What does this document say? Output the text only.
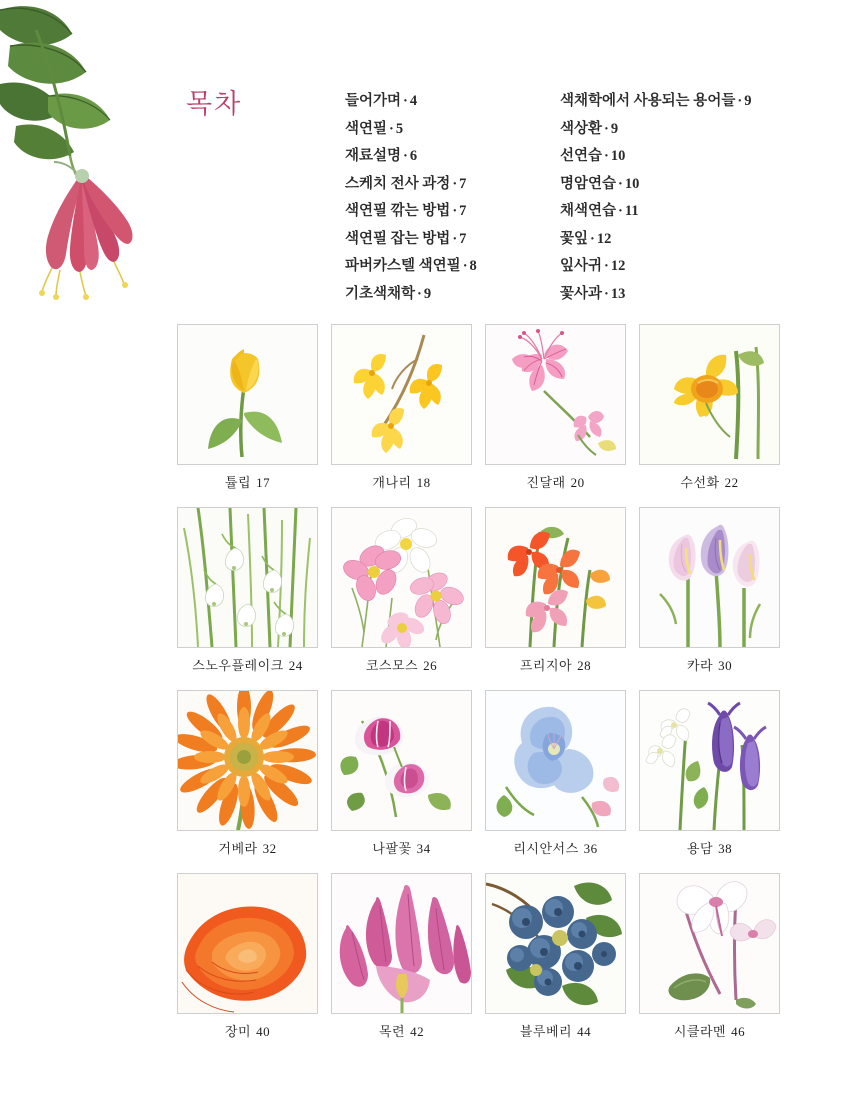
목차	들어가며 · 4
색연필 · 5
재료설명 · 6
스케치 전사 과정 · 7
색연필 깎는 방법 · 7
색연필 잡는 방법 · 7
파버카스텔 색연필 · 8
기초색채학 · 9
색채학에서 사용되는 용어들 · 9
색상환 · 9
선연습 · 10
명암연습 · 10
채색연습 · 11
꽃잎 · 12
잎사귀 · 12
꽃사과 · 13
튤립 17	개나리 18	진달래 20	수선화 22
스노우플레이크 24	코스모스 26	프리지아 28	카라 30
거베라 32	나팔꽃 34	리시안서스 36	용담 38
장미 40	목련 42	블루베리 44	시클라멘 46
